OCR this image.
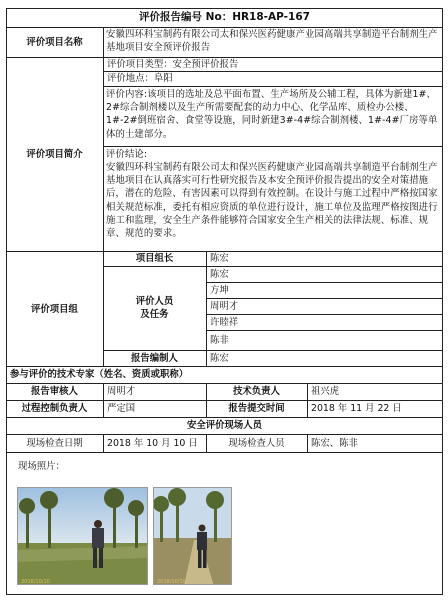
评价报告编号 No：HR18-AP-167
评价项目名称
安徽四环科宝制药有限公司太和保兴医药健康产业园高端共享制造平台制剂生产基地项目安全预评价报告
评价项目简介
评价项目类型：安全预评价报告
评价地点：阜阳
评价内容:该项目的选址及总平面布置、生产场所及公辅工程，具体为新建1#、2#综合制剂楼以及生产所需要配套的动力中心、化学品库、质检办公楼、1#-2#倒班宿舍、食堂等设施，同时新建3#-4#综合制剂楼、1#-4#厂房等单体的土建部分。
评价结论:
安徽四环科宝制药有限公司太和保兴医药健康产业园高端共享制造平台制剂生产基地项目在认真落实可行性研究报告及本安全预评价报告提出的安全对策措施后，潜在的危险、有害因素可以得到有效控制。在设计与施工过程中严格按国家相关规范标准，委托有相应资质的单位进行设计，施工单位及监理严格按图进行施工和监理，安全生产条件能够符合国家安全生产相关的法律法规、标准、规章、规范的要求。
评价项目组
项目组长	陈宏
评价人员
及任务
陈宏
方坤
周明才
许睦祥
陈非
报告编制人	陈宏
参与评价的技术专家（姓名、资质或职称）
报告审核人	周明才	技术负责人	祖兴虎
过程控制负责人	严定国	报告提交时间	2018 年 11 月 22 日
安全评价现场人员
现场检查日期	2018 年 10 月 10 日	现场检查人员	陈宏、陈非
现场照片：
2018/10/10	2018/10/10
